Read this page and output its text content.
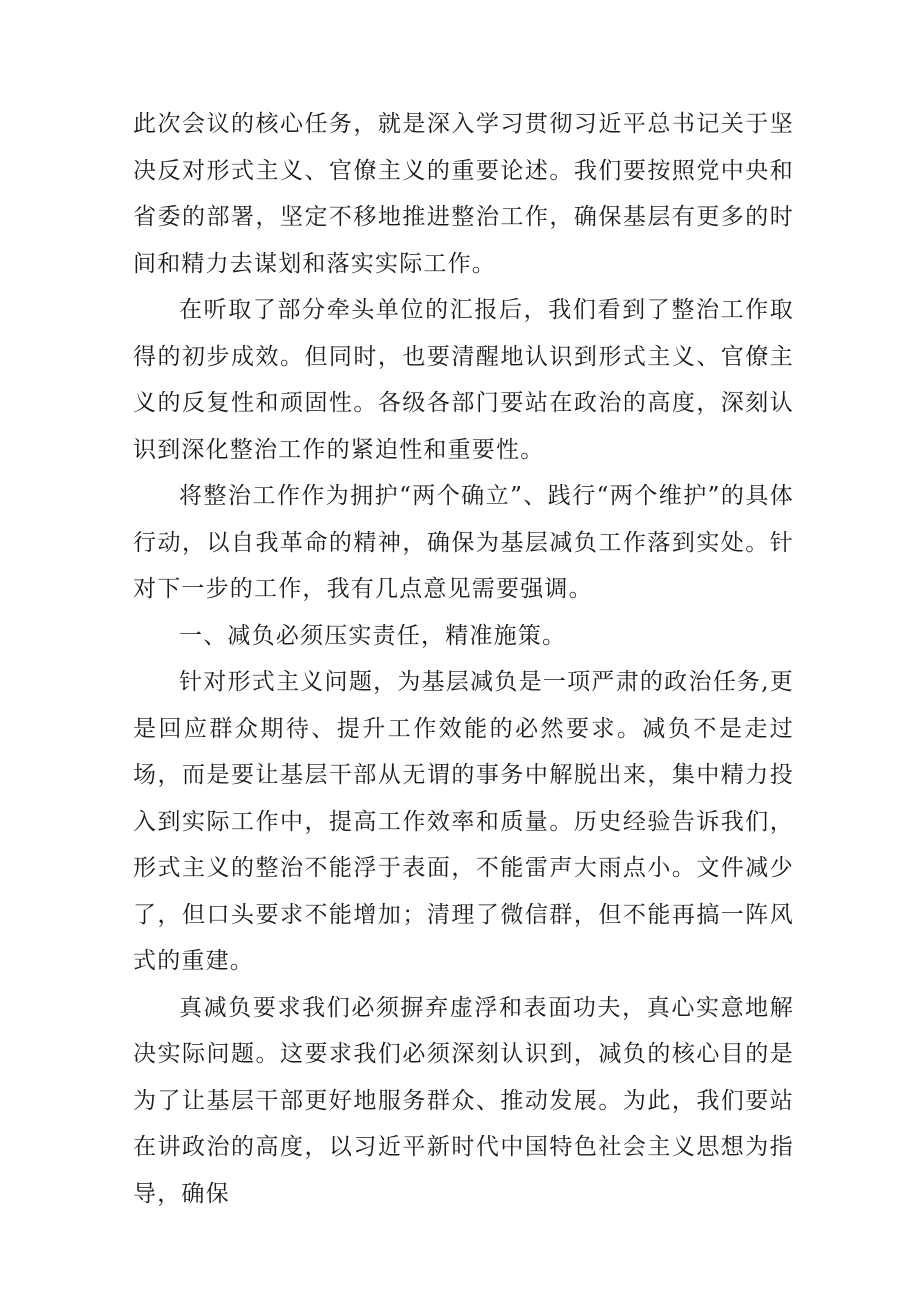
此次会议的核心任务，就是深入学习贯彻习近平总书记关于坚决反对形式主义、官僚主义的重要论述。我们要按照党中央和省委的部署，坚定不移地推进整治工作，确保基层有更多的时间和精力去谋划和落实实际工作。

在听取了部分牵头单位的汇报后，我们看到了整治工作取得的初步成效。但同时，也要清醒地认识到形式主义、官僚主义的反复性和顽固性。各级各部门要站在政治的高度，深刻认识到深化整治工作的紧迫性和重要性。

将整治工作作为拥护“两个确立”、践行“两个维护”的具体行动，以自我革命的精神，确保为基层减负工作落到实处。针对下一步的工作，我有几点意见需要强调。

一、减负必须压实责任，精准施策。

针对形式主义问题，为基层减负是一项严肃的政治任务,更是回应群众期待、提升工作效能的必然要求。减负不是走过场，而是要让基层干部从无谓的事务中解脱出来，集中精力投入到实际工作中，提高工作效率和质量。历史经验告诉我们，形式主义的整治不能浮于表面，不能雷声大雨点小。文件减少了，但口头要求不能增加；清理了微信群，但不能再搞一阵风式的重建。

真减负要求我们必须摒弃虚浮和表面功夫，真心实意地解决实际问题。这要求我们必须深刻认识到，减负的核心目的是为了让基层干部更好地服务群众、推动发展。为此，我们要站在讲政治的高度，以习近平新时代中国特色社会主义思想为指导，确保
